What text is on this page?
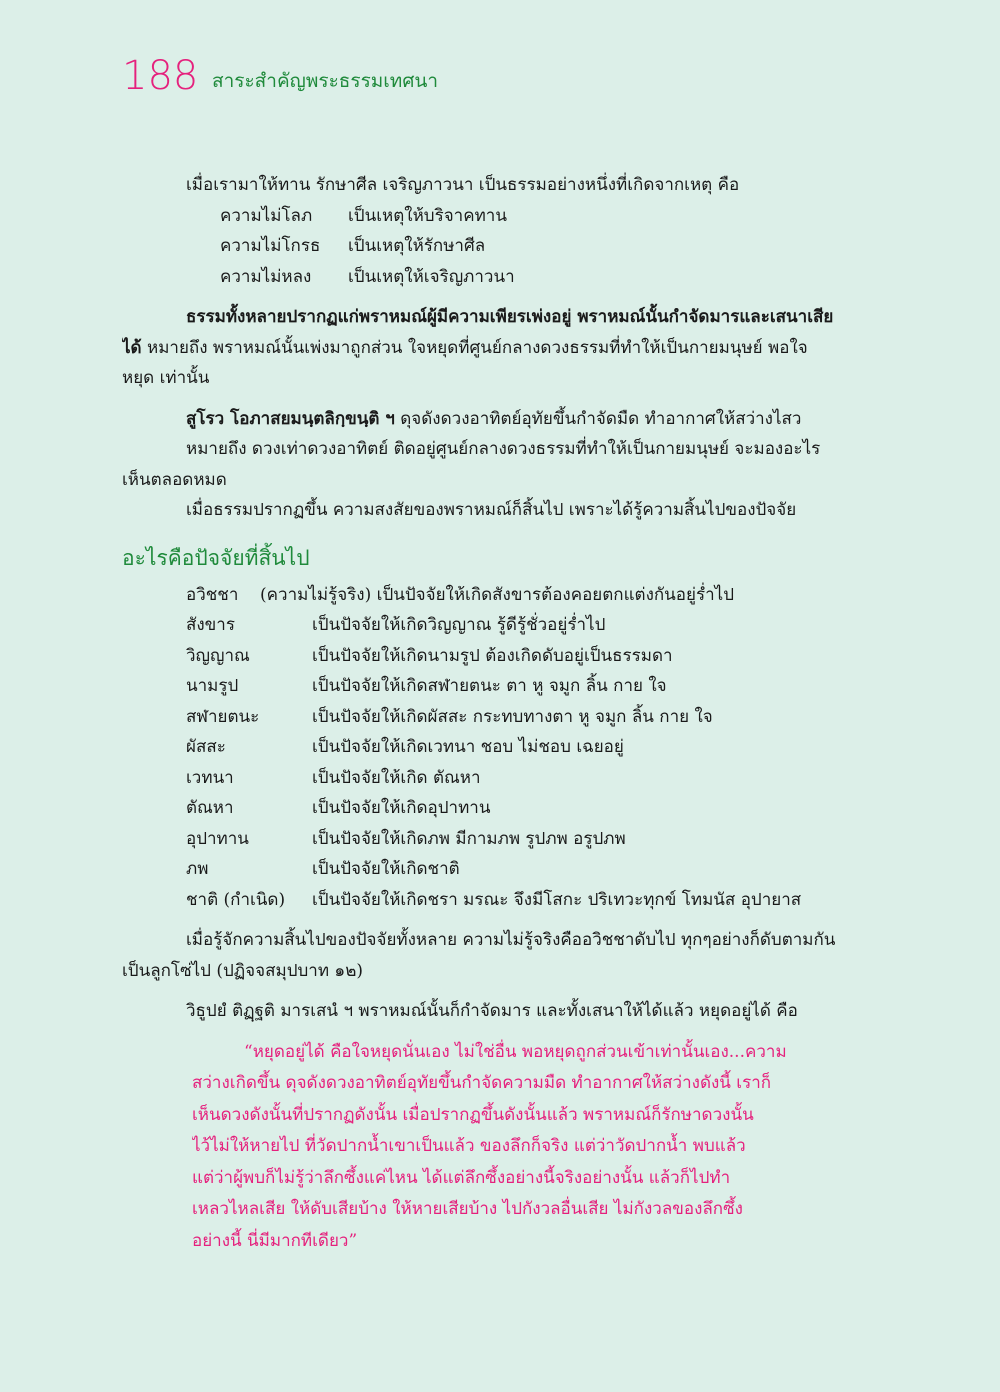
188 สาระสำคัญพระธรรมเทศนา
เมื่อเรามาให้ทาน รักษาศีล เจริญภาวนา เป็นธรรมอย่างหนึ่งที่เกิดจากเหตุ คือ
ความไม่โลภ เป็นเหตุให้บริจาคทาน
ความไม่โกรธ เป็นเหตุให้รักษาศีล
ความไม่หลง เป็นเหตุให้เจริญภาวนา
ธรรมทั้งหลายปรากฏแก่พราหมณ์ผู้มีความเพียรเพ่งอยู่ พราหมณ์นั้นกำจัดมารและเสนาเสีย
ได้ หมายถึง พราหมณ์นั้นเพ่งมาถูกส่วน ใจหยุดที่ศูนย์กลางดวงธรรมที่ทำให้เป็นกายมนุษย์ พอใจ
หยุด เท่านั้น
สูโรว โอภาสยมนฺตลิกฺขนฺติ ฯ ดุจดังดวงอาทิตย์อุทัยขึ้นกำจัดมืด ทำอากาศให้สว่างไสว
หมายถึง ดวงเท่าดวงอาทิตย์ ติดอยู่ศูนย์กลางดวงธรรมที่ทำให้เป็นกายมนุษย์ จะมองอะไร
เห็นตลอดหมด
เมื่อธรรมปรากฏขึ้น ความสงสัยของพราหมณ์ก็สิ้นไป เพราะได้รู้ความสิ้นไปของปัจจัย
อะไรคือปัจจัยที่สิ้นไป
อวิชชา (ความไม่รู้จริง) เป็นปัจจัยให้เกิดสังขารต้องคอยตกแต่งกันอยู่ร่ำไป
สังขาร	เป็นปัจจัยให้เกิดวิญญาณ รู้ดีรู้ชั่วอยู่ร่ำไป
วิญญาณ	เป็นปัจจัยให้เกิดนามรูป ต้องเกิดดับอยู่เป็นธรรมดา
นามรูป	เป็นปัจจัยให้เกิดสฬายตนะ ตา หู จมูก ลิ้น กาย ใจ
สฬายตนะ	เป็นปัจจัยให้เกิดผัสสะ กระทบทางตา หู จมูก ลิ้น กาย ใจ
ผัสสะ	เป็นปัจจัยให้เกิดเวทนา ชอบ ไม่ชอบ เฉยอยู่
เวทนา	เป็นปัจจัยให้เกิด ตัณหา
ตัณหา	เป็นปัจจัยให้เกิดอุปาทาน
อุปาทาน	เป็นปัจจัยให้เกิดภพ มีกามภพ รูปภพ อรูปภพ
ภพ	เป็นปัจจัยให้เกิดชาติ
ชาติ (กำเนิด) เป็นปัจจัยให้เกิดชรา มรณะ จึงมีโสกะ ปริเทวะทุกข์ โทมนัส อุปายาส
เมื่อรู้จักความสิ้นไปของปัจจัยทั้งหลาย ความไม่รู้จริงคืออวิชชาดับไป ทุกๆอย่างก็ดับตามกัน
เป็นลูกโซ่ไป (ปฏิจจสมุปบาท ๑๒)
วิธูปยํ ติฏฺฐติ มารเสนํ ฯ พราหมณ์นั้นก็กำจัดมาร และทั้งเสนาให้ได้แล้ว หยุดอยู่ได้ คือ
“หยุดอยู่ได้ คือใจหยุดนั่นเอง ไม่ใช่อื่น พอหยุดถูกส่วนเข้าเท่านั้นเอง...ความ
สว่างเกิดขึ้น ดุจดังดวงอาทิตย์อุทัยขึ้นกำจัดความมืด ทำอากาศให้สว่างดังนี้ เราก็
เห็นดวงดังนั้นที่ปรากฏดังนั้น เมื่อปรากฏขึ้นดังนั้นแล้ว พราหมณ์ก็รักษาดวงนั้น
ไว้ไม่ให้หายไป ที่วัดปากน้ำเขาเป็นแล้ว ของลึกก็จริง แต่ว่าวัดปากน้ำ พบแล้ว
แต่ว่าผู้พบก็ไม่รู้ว่าลึกซึ้งแค่ไหน ได้แต่ลึกซึ้งอย่างนี้จริงอย่างนั้น แล้วก็ไปทำ
เหลวไหลเสีย ให้ดับเสียบ้าง ให้หายเสียบ้าง ไปกังวลอื่นเสีย ไม่กังวลของลึกซึ้ง
อย่างนี้ นี่มีมากทีเดียว”
